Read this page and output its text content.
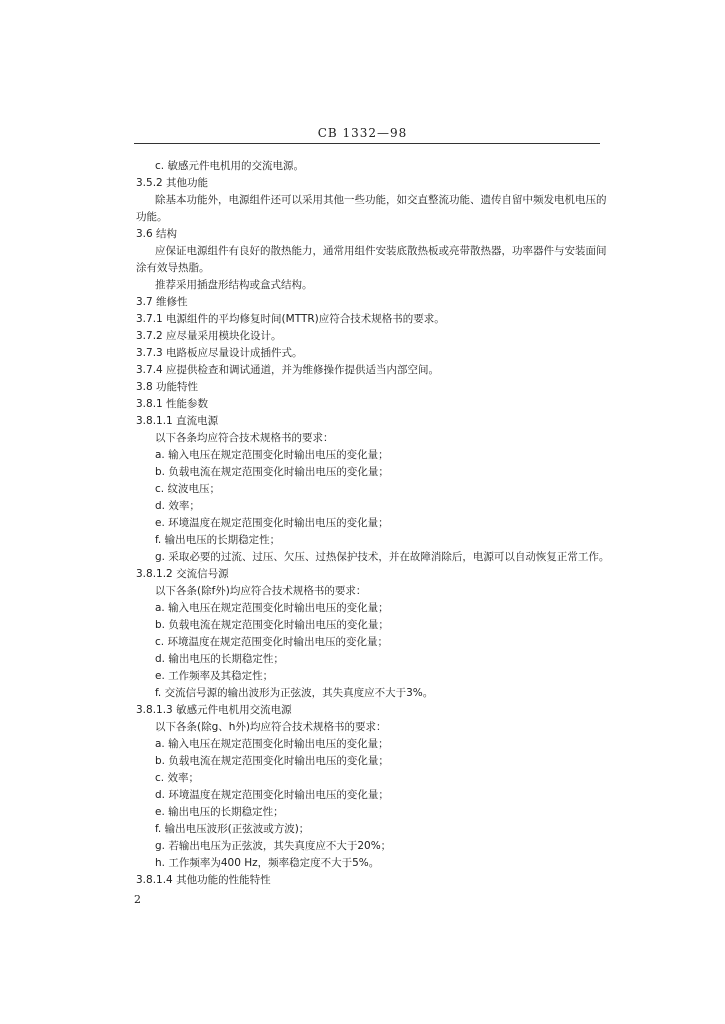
CB 1332—98
c. 敏感元件电机用的交流电源。
3.5.2 其他功能
除基本功能外，电源组件还可以采用其他一些功能，如交直整流功能、遗传自留中频发电机电压的
功能。
3.6 结构
应保证电源组件有良好的散热能力，通常用组件安装底散热板或亮带散热器，功率器件与安装面间
涂有效导热脂。
推荐采用插盘形结构或盒式结构。
3.7 维修性
3.7.1 电源组件的平均修复时间(MTTR)应符合技术规格书的要求。
3.7.2 应尽量采用模块化设计。
3.7.3 电路板应尽量设计成插件式。
3.7.4 应提供检查和调试通道，并为维修操作提供适当内部空间。
3.8 功能特性
3.8.1 性能参数
3.8.1.1 直流电源
以下各条均应符合技术规格书的要求：
a. 输入电压在规定范围变化时输出电压的变化量；
b. 负载电流在规定范围变化时输出电压的变化量；
c. 纹波电压；
d. 效率；
e. 环境温度在规定范围变化时输出电压的变化量；
f. 输出电压的长期稳定性；
g. 采取必要的过流、过压、欠压、过热保护技术，并在故障消除后，电源可以自动恢复正常工作。
3.8.1.2 交流信号源
以下各条(除f外)均应符合技术规格书的要求：
a. 输入电压在规定范围变化时输出电压的变化量；
b. 负载电流在规定范围变化时输出电压的变化量；
c. 环境温度在规定范围变化时输出电压的变化量；
d. 输出电压的长期稳定性；
e. 工作频率及其稳定性；
f. 交流信号源的输出波形为正弦波，其失真度应不大于3%。
3.8.1.3 敏感元件电机用交流电源
以下各条(除g、h外)均应符合技术规格书的要求：
a. 输入电压在规定范围变化时输出电压的变化量；
b. 负载电流在规定范围变化时输出电压的变化量；
c. 效率；
d. 环境温度在规定范围变化时输出电压的变化量；
e. 输出电压的长期稳定性；
f. 输出电压波形(正弦波或方波)；
g. 若输出电压为正弦波，其失真度应不大于20%；
h. 工作频率为400 Hz，频率稳定度不大于5%。
3.8.1.4 其他功能的性能特性
2
